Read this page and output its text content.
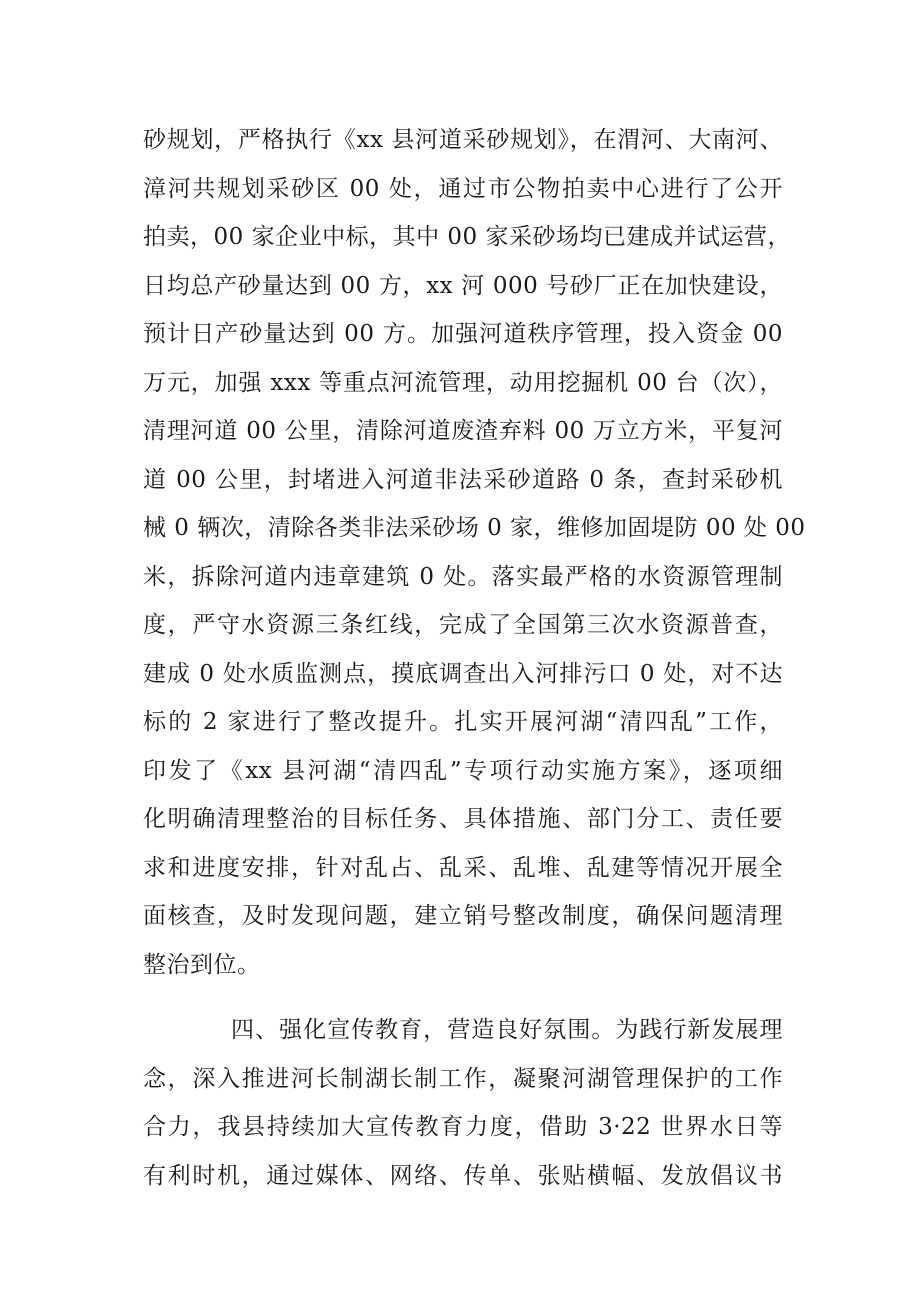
砂规划，严格执行《xx 县河道采砂规划》，在渭河、大南河、
漳河共规划采砂区 00 处，通过市公物拍卖中心进行了公开
拍卖，00 家企业中标，其中 00 家采砂场均已建成并试运营，
日均总产砂量达到 00 方，xx 河 000 号砂厂正在加快建设，
预计日产砂量达到 00 方。加强河道秩序管理，投入资金 00
万元，加强 xxx 等重点河流管理，动用挖掘机 00 台（次），
清理河道 00 公里，清除河道废渣弃料 00 万立方米，平复河
道 00 公里，封堵进入河道非法采砂道路 0 条，查封采砂机
械 0 辆次，清除各类非法采砂场 0 家，维修加固堤防 00 处 00
米，拆除河道内违章建筑 0 处。落实最严格的水资源管理制
度，严守水资源三条红线，完成了全国第三次水资源普查，
建成 0 处水质监测点，摸底调查出入河排污口 0 处，对不达
标的 2 家进行了整改提升。扎实开展河湖“清四乱”工作，
印发了《xx 县河湖“清四乱”专项行动实施方案》，逐项细
化明确清理整治的目标任务、具体措施、部门分工、责任要
求和进度安排，针对乱占、乱采、乱堆、乱建等情况开展全
面核查，及时发现问题，建立销号整改制度，确保问题清理
整治到位。
四、强化宣传教育，营造良好氛围。为践行新发展理
念，深入推进河长制湖长制工作，凝聚河湖管理保护的工作
合力，我县持续加大宣传教育力度，借助 3·22 世界水日等
有利时机，通过媒体、网络、传单、张贴横幅、发放倡议书
